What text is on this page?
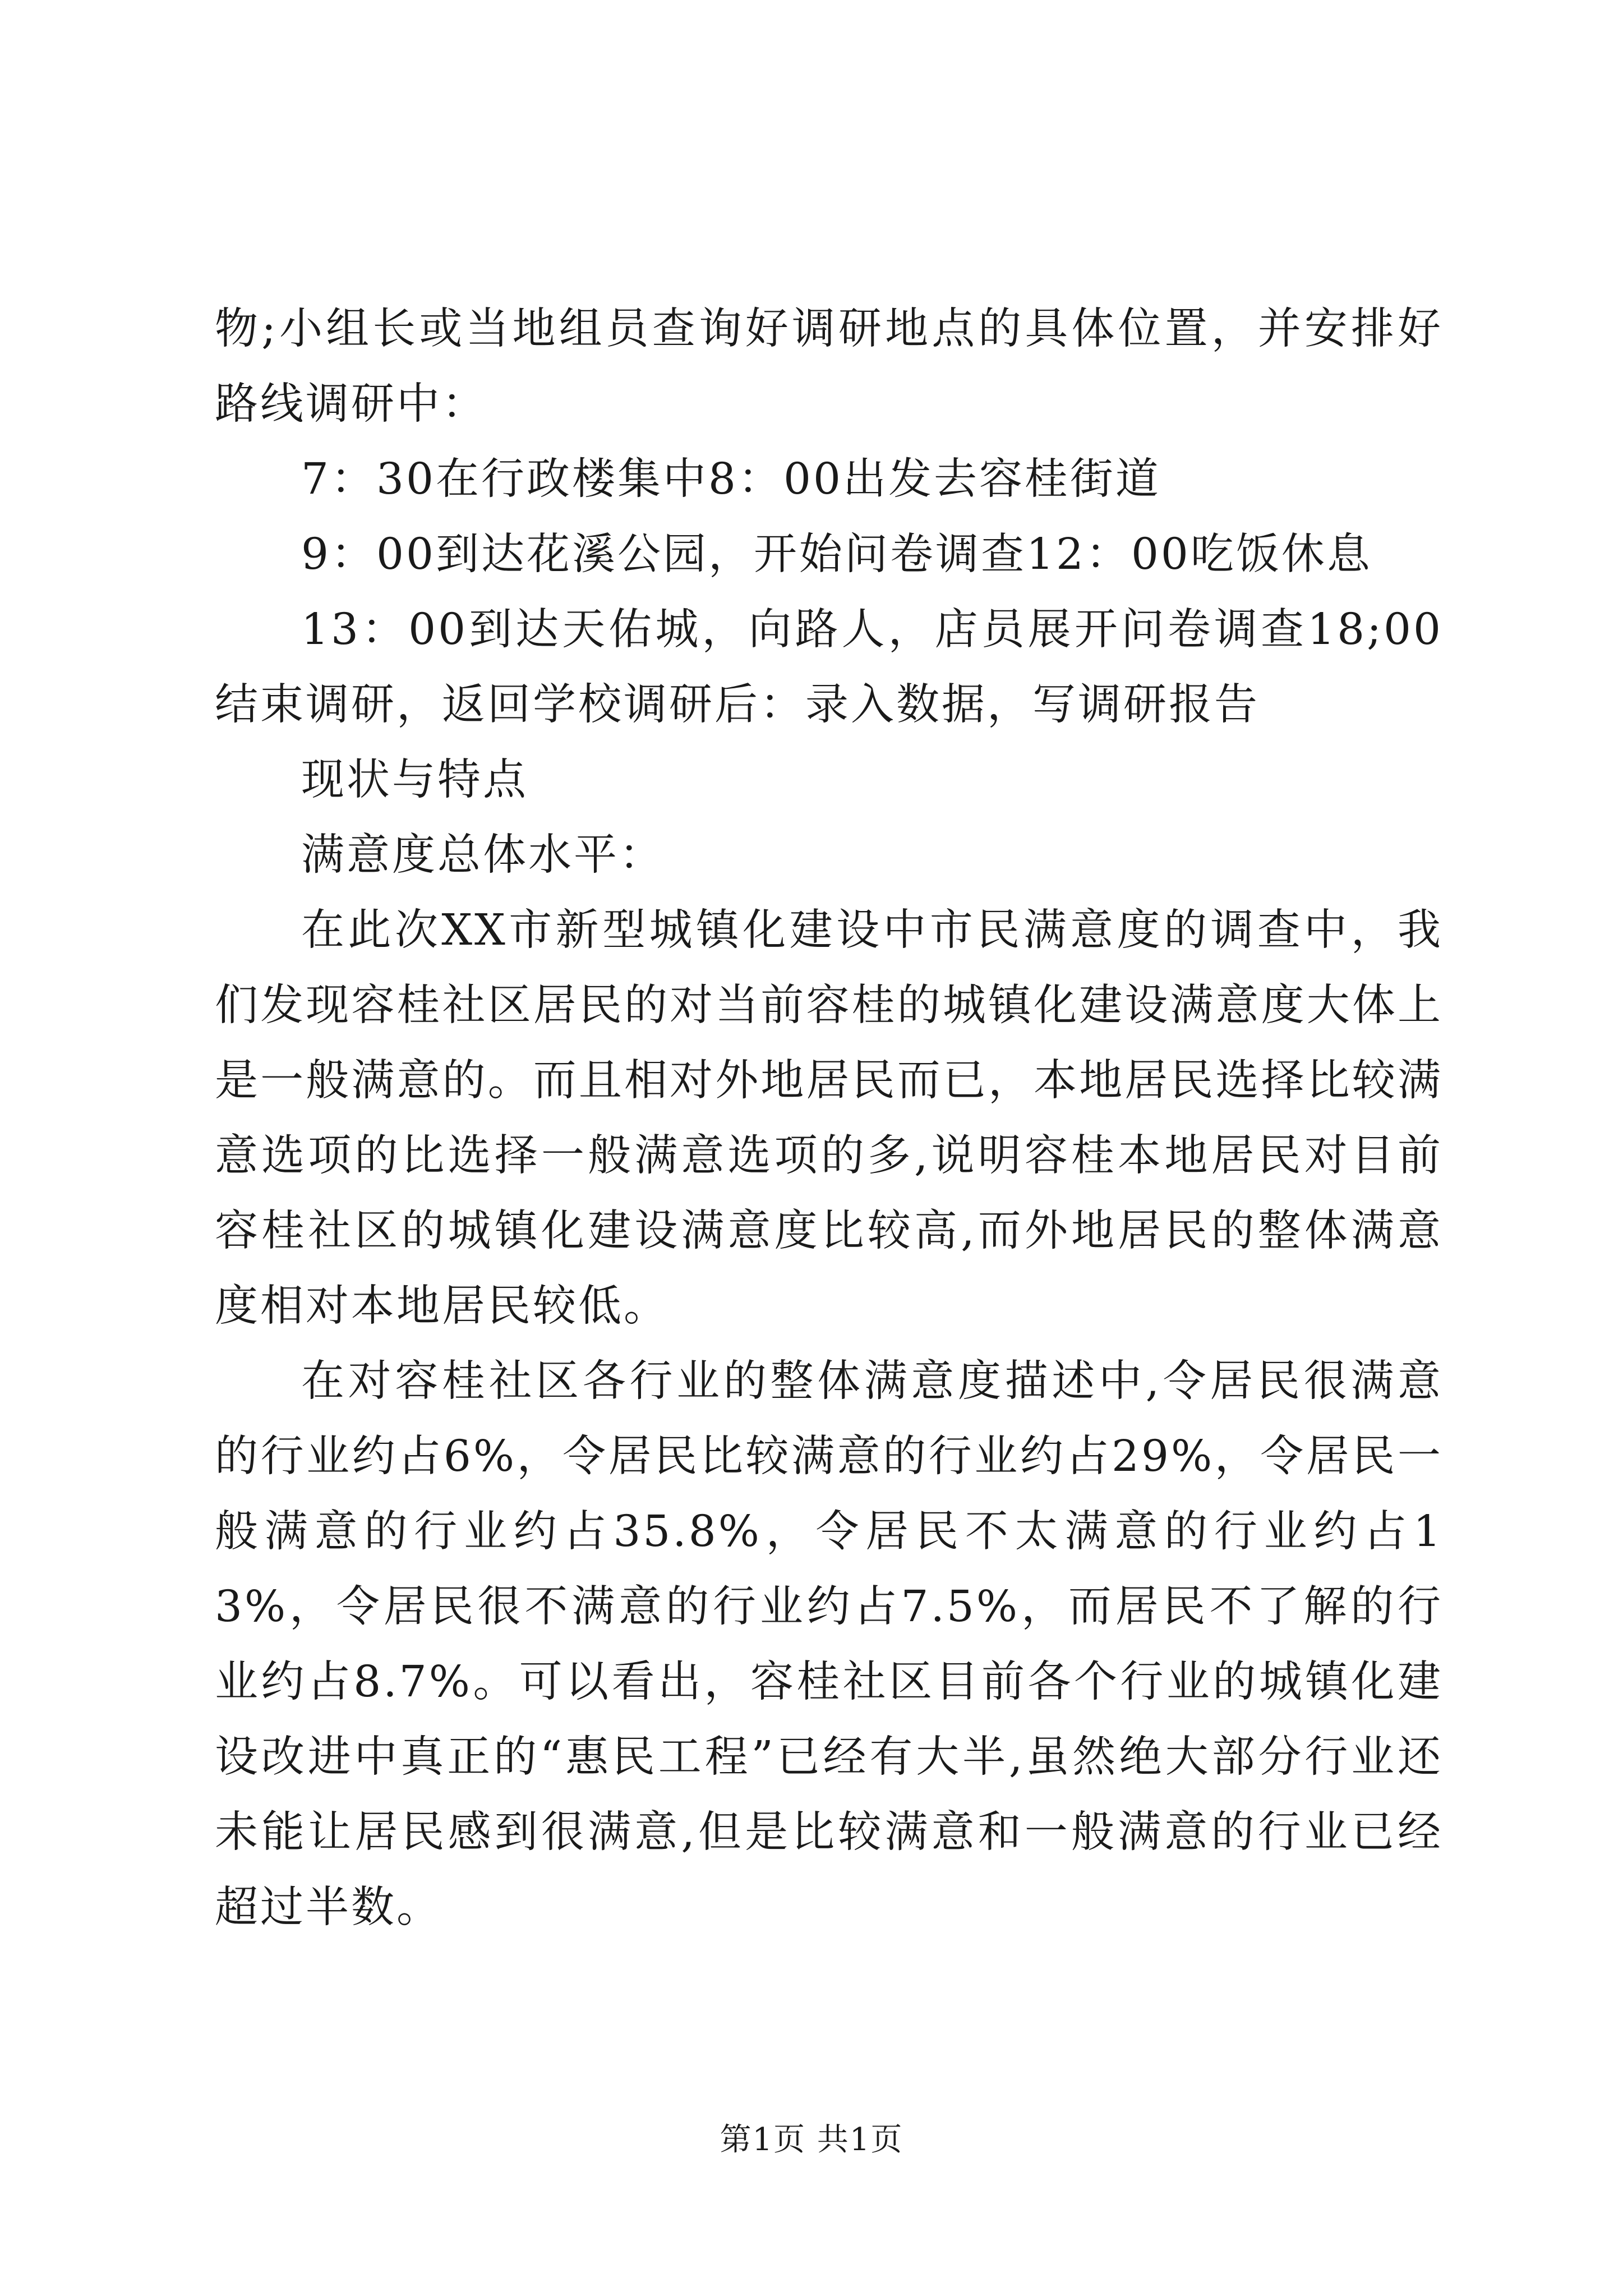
物;小组长或当地组员查询好调研地点的具体位置，并安排好路线调研中：

7：30在行政楼集中8：00出发去容桂街道

9：00到达花溪公园，开始问卷调查12：00吃饭休息

13：00到达天佑城，向路人，店员展开问卷调查18;00结束调研，返回学校调研后：录入数据，写调研报告

现状与特点

满意度总体水平：

在此次XX市新型城镇化建设中市民满意度的调查中，我们发现容桂社区居民的对当前容桂的城镇化建设满意度大体上是一般满意的。而且相对外地居民而已，本地居民选择比较满意选项的比选择一般满意选项的多,说明容桂本地居民对目前容桂社区的城镇化建设满意度比较高,而外地居民的整体满意度相对本地居民较低。

在对容桂社区各行业的整体满意度描述中,令居民很满意的行业约占6%，令居民比较满意的行业约占29%，令居民一般满意的行业约占35.8%，令居民不太满意的行业约占13%，令居民很不满意的行业约占7.5%，而居民不了解的行业约占8.7%。可以看出，容桂社区目前各个行业的城镇化建设改进中真正的“惠民工程”已经有大半,虽然绝大部分行业还未能让居民感到很满意,但是比较满意和一般满意的行业已经超过半数。

第1页 共1页
